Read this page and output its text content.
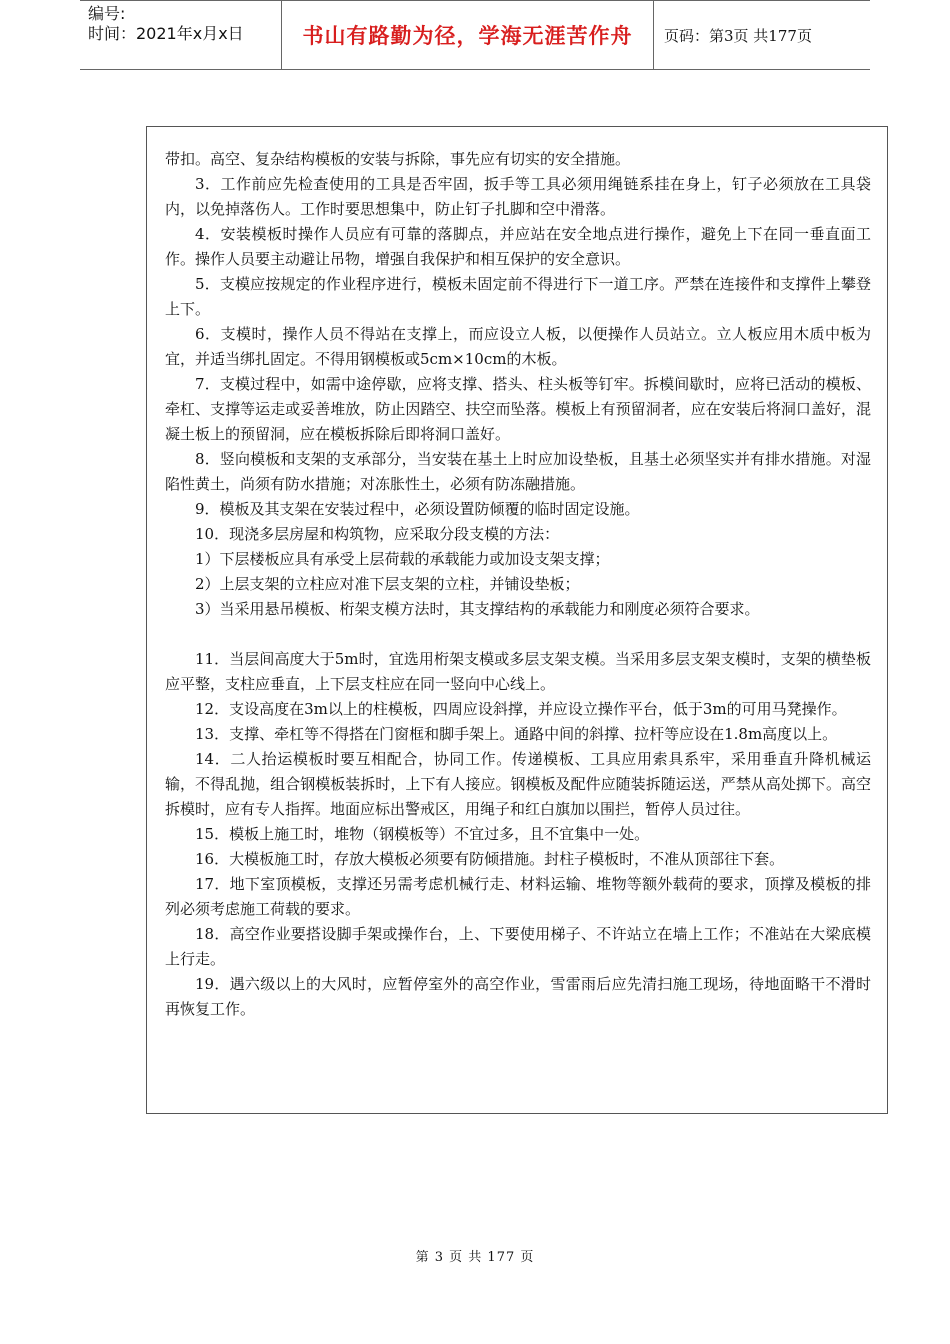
编号:
时间：2021年x月x日	书山有路勤为径，学海无涯苦作舟	页码：第3页 共177页

带扣。高空、复杂结构模板的安装与拆除，事先应有切实的安全措施。

3．工作前应先检查使用的工具是否牢固，扳手等工具必须用绳链系挂在身上，钉子必须放在工具袋内，以免掉落伤人。工作时要思想集中，防止钉子扎脚和空中滑落。

4．安装模板时操作人员应有可靠的落脚点，并应站在安全地点进行操作，避免上下在同一垂直面工作。操作人员要主动避让吊物，增强自我保护和相互保护的安全意识。

5．支模应按规定的作业程序进行，模板未固定前不得进行下一道工序。严禁在连接件和支撑件上攀登上下。

6．支模时，操作人员不得站在支撑上，而应设立人板，以便操作人员站立。立人板应用木质中板为宜，并适当绑扎固定。不得用钢模板或5cm×10cm的木板。

7．支模过程中，如需中途停歇，应将支撑、搭头、柱头板等钉牢。拆模间歇时，应将已活动的模板、牵杠、支撑等运走或妥善堆放，防止因踏空、扶空而坠落。模板上有预留洞者，应在安装后将洞口盖好，混凝土板上的预留洞，应在模板拆除后即将洞口盖好。

8．竖向模板和支架的支承部分，当安装在基土上时应加设垫板，且基土必须坚实并有排水措施。对湿陷性黄土，尚须有防水措施；对冻胀性土，必须有防冻融措施。

9．模板及其支架在安装过程中，必须设置防倾覆的临时固定设施。

10．现浇多层房屋和构筑物，应采取分段支模的方法：

1）下层楼板应具有承受上层荷载的承载能力或加设支架支撑；

2）上层支架的立柱应对准下层支架的立柱，并铺设垫板；

3）当采用悬吊模板、桁架支模方法时，其支撑结构的承载能力和刚度必须符合要求。

11．当层间高度大于5m时，宜选用桁架支模或多层支架支模。当采用多层支架支模时，支架的横垫板应平整，支柱应垂直，上下层支柱应在同一竖向中心线上。

12．支设高度在3m以上的柱模板，四周应设斜撑，并应设立操作平台，低于3m的可用马凳操作。

13．支撑、牵杠等不得搭在门窗框和脚手架上。通路中间的斜撑、拉杆等应设在1.8m高度以上。

14．二人抬运模板时要互相配合，协同工作。传递模板、工具应用索具系牢，采用垂直升降机械运输，不得乱抛，组合钢模板装拆时，上下有人接应。钢模板及配件应随装拆随运送，严禁从高处掷下。高空拆模时，应有专人指挥。地面应标出警戒区，用绳子和红白旗加以围拦，暂停人员过往。

15．模板上施工时，堆物（钢模板等）不宜过多，且不宜集中一处。

16．大模板施工时，存放大模板必须要有防倾措施。封柱子模板时，不准从顶部往下套。

17．地下室顶模板，支撑还另需考虑机械行走、材料运输、堆物等额外载荷的要求，顶撑及模板的排列必须考虑施工荷载的要求。

18．高空作业要搭设脚手架或操作台，上、下要使用梯子、不许站立在墙上工作；不准站在大梁底模上行走。

19．遇六级以上的大风时，应暂停室外的高空作业，雪雷雨后应先清扫施工现场，待地面略干不滑时再恢复工作。

第 3 页 共 177 页
